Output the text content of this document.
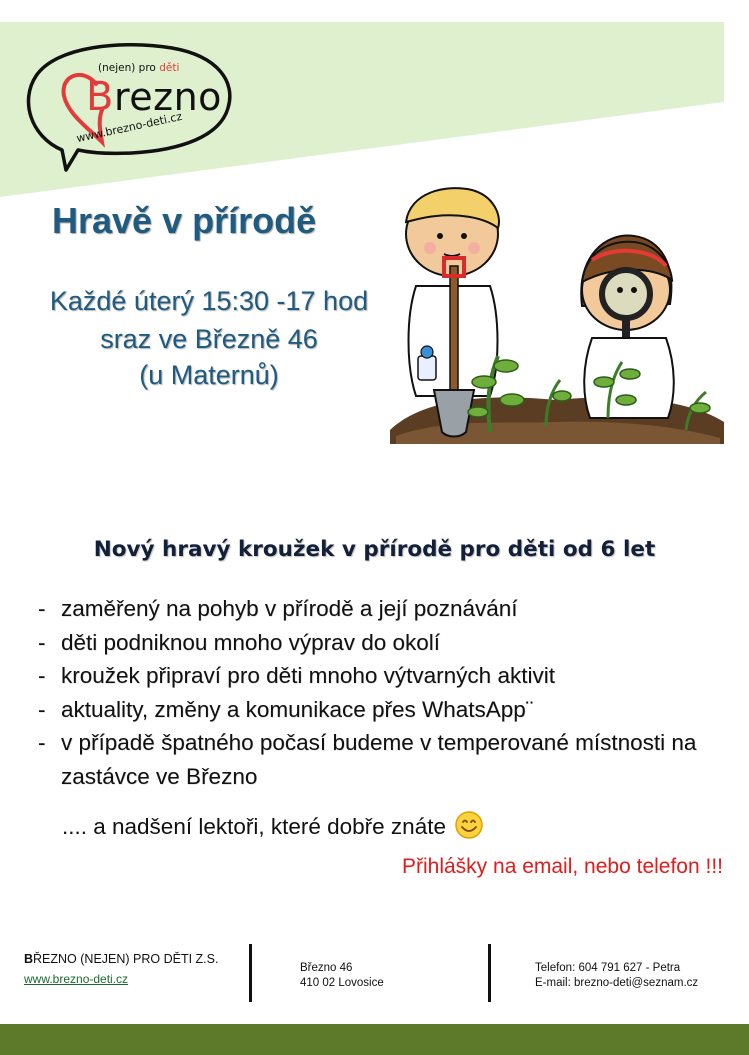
(nejen) pro děti
Brezno
www.brezno-deti.cz
Hravě v přírodě
Každé úterý 15:30 -17 hod
sraz ve Březně 46
(u Maternů)
Nový hravý kroužek v přírodě pro děti od 6 let
- zaměřený na pohyb v přírodě a její poznávání
- děti podniknou mnoho výprav do okolí
- kroužek připraví pro děti mnoho výtvarných aktivit
- aktuality, změny a komunikace přes WhatsApp¨
- v případě špatného počasí budeme v temperované místnosti na zastávce ve Březno
.... a nadšení lektoři, které dobře znáte
Přihlášky na email, nebo telefon !!!
BŘEZNO (NEJEN) PRO DĚTI Z.S.
www.brezno-deti.cz
Březno 46
410 02 Lovosice
Telefon: 604 791 627 - Petra
E-mail: brezno-deti@seznam.cz
